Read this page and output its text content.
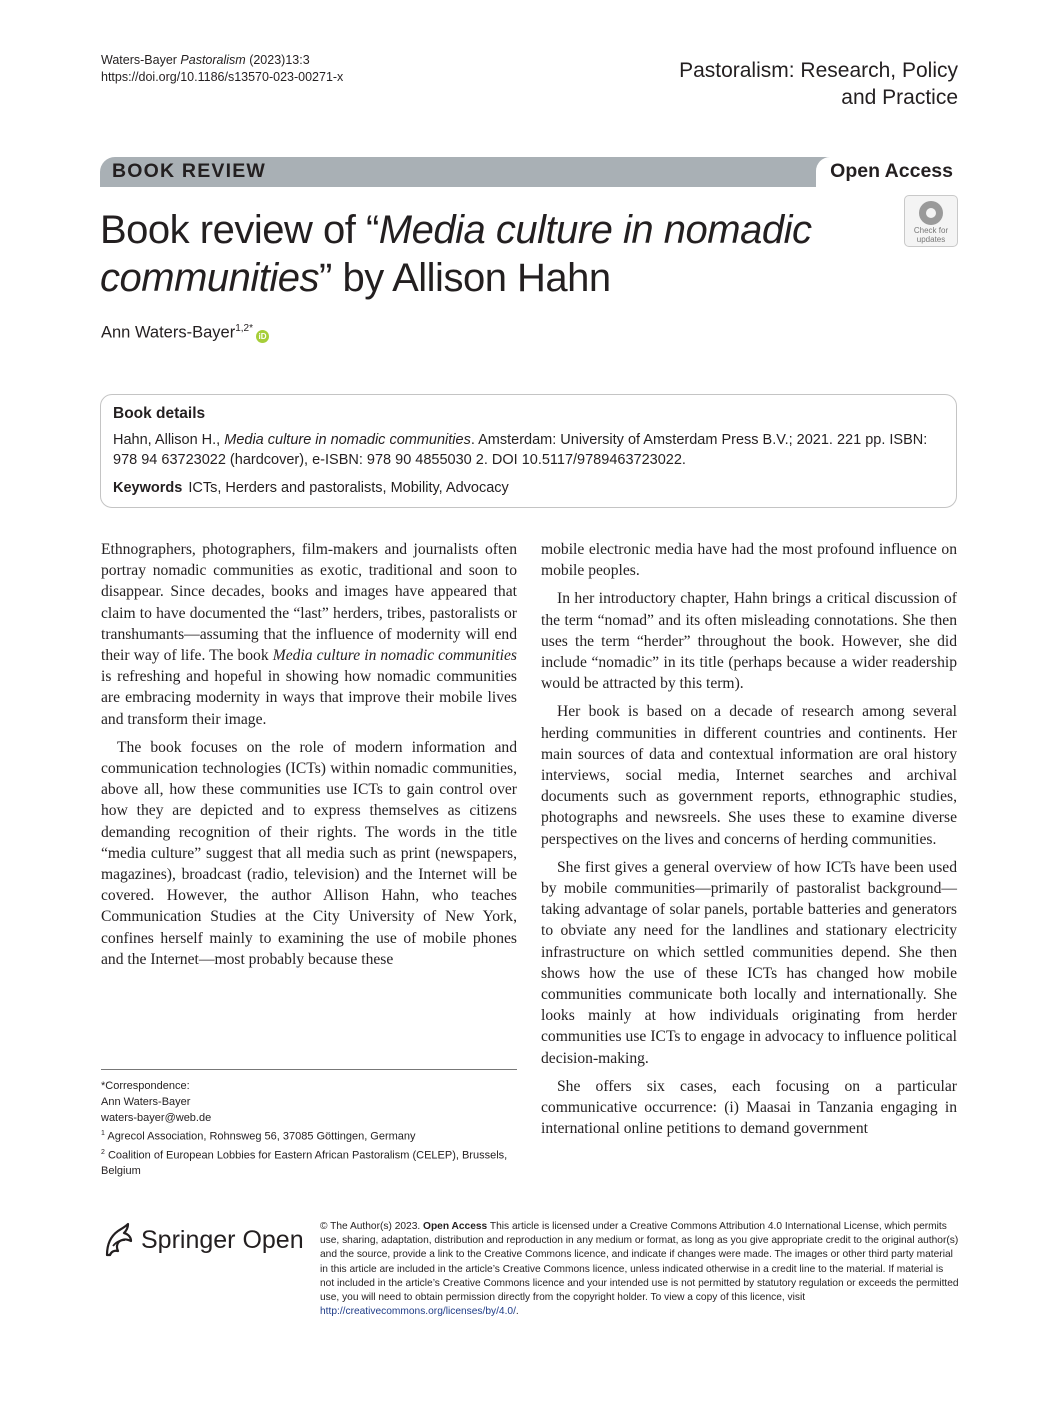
Waters-Bayer Pastoralism (2023)13:3
https://doi.org/10.1186/s13570-023-00271-x	Pastoralism: Research, Policy
and Practice
BOOK REVIEW	Open Access
Book review of “Media culture in nomadic communities” by Allison Hahn
Check for
updates
Ann Waters-Bayer$^{1,2*}$iD
Book details
Hahn, Allison H., Media culture in nomadic communities. Amsterdam: University of Amsterdam Press B.V.; 2021. 221 pp. ISBN: 978 94 63723022 (hardcover), e-ISBN: 978 90 4855030 2. DOI 10.5117/9789463723022.
Keywords ICTs, Herders and pastoralists, Mobility, Advocacy

Ethnographers, photographers, film-makers and journalists often portray nomadic communities as exotic, traditional and soon to disappear. Since decades, books and images have appeared that claim to have documented the “last” herders, tribes, pastoralists or transhumants—assuming that the influence of modernity will end their way of life. The book Media culture in nomadic communities is refreshing and hopeful in showing how nomadic communities are embracing modernity in ways that improve their mobile lives and transform their image.

The book focuses on the role of modern information and communication technologies (ICTs) within nomadic communities, above all, how these communities use ICTs to gain control over how they are depicted and to express themselves as citizens demanding recognition of their rights. The words in the title “media culture” suggest that all media such as print (newspapers, magazines), broadcast (radio, television) and the Internet will be covered. However, the author Allison Hahn, who teaches Communication Studies at the City University of New York, confines herself mainly to examining the use of mobile phones and the Internet—most probably because these

mobile electronic media have had the most profound influence on mobile peoples.

In her introductory chapter, Hahn brings a critical discussion of the term “nomad” and its often misleading connotations. She then uses the term “herder” throughout the book. However, she did include “nomadic” in its title (perhaps because a wider readership would be attracted by this term).

Her book is based on a decade of research among several herding communities in different countries and continents. Her main sources of data and contextual information are oral history interviews, social media, Internet searches and archival documents such as government reports, ethnographic studies, photographs and newsreels. She uses these to examine diverse perspectives on the lives and concerns of herding communities.

She first gives a general overview of how ICTs have been used by mobile communities—primarily of pastoralist background—taking advantage of solar panels, portable batteries and generators to obviate any need for the landlines and stationary electricity infrastructure on which settled communities depend. She then shows how the use of these ICTs has changed how mobile communities communicate both locally and internationally. She looks mainly at how individuals originating from herder communities use ICTs to engage in advocacy to influence political decision-making.

She offers six cases, each focusing on a particular communicative occurrence: (i) Maasai in Tanzania engaging in international online petitions to demand government

*Correspondence:
Ann Waters-Bayer
waters-bayer@web.de
$^1$ Agrecol Association, Rohnsweg 56, 37085 Göttingen, Germany
$^2$ Coalition of European Lobbies for Eastern African Pastoralism (CELEP), Brussels, Belgium
Springer Open © The Author(s) 2023. Open Access This article is licensed under a Creative Commons Attribution 4.0 International License, which permits use, sharing, adaptation, distribution and reproduction in any medium or format, as long as you give appropriate credit to the original author(s) and the source, provide a link to the Creative Commons licence, and indicate if changes were made. The images or other third party material in this article are included in the article’s Creative Commons licence, unless indicated otherwise in a credit line to the material. If material is not included in the article’s Creative Commons licence and your intended use is not permitted by statutory regulation or exceeds the permitted use, you will need to obtain permission directly from the copyright holder. To view a copy of this licence, visit http://creativecommons.org/licenses/by/4.0/.
